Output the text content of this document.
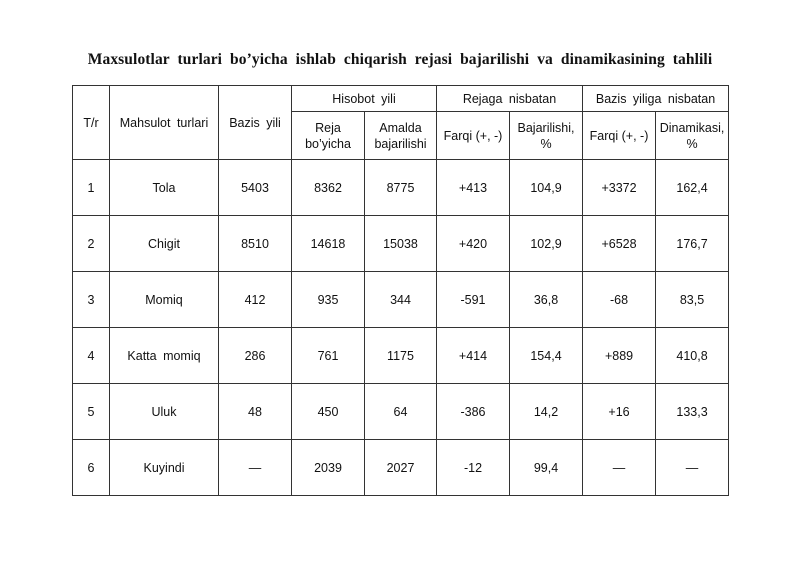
Maxsulotlar turlari bo’yicha ishlab chiqarish rejasi bajarilishi va dinamikasining tahlili
T/r	Mahsulot turlari	Bazis yili	Hisobot yili		Rejaga nisbatan		Bazis yiliga nisbatan	
			Reja bo’yicha	Amalda bajarilishi	Farqi (+, -)	Bajarilishi, %	Farqi (+, -)	Dinamikasi, %
1	Tola	5403	8362	8775	+413	104,9	+3372	162,4
2	Chigit	8510	14618	15038	+420	102,9	+6528	176,7
3	Momiq	412	935	344	-591	36,8	-68	83,5
4	Katta momiq	286	761	1175	+414	154,4	+889	410,8
5	Uluk	48	450	64	-386	14,2	+16	133,3
6	Kuyindi	—	2039	2027	-12	99,4	—	—
